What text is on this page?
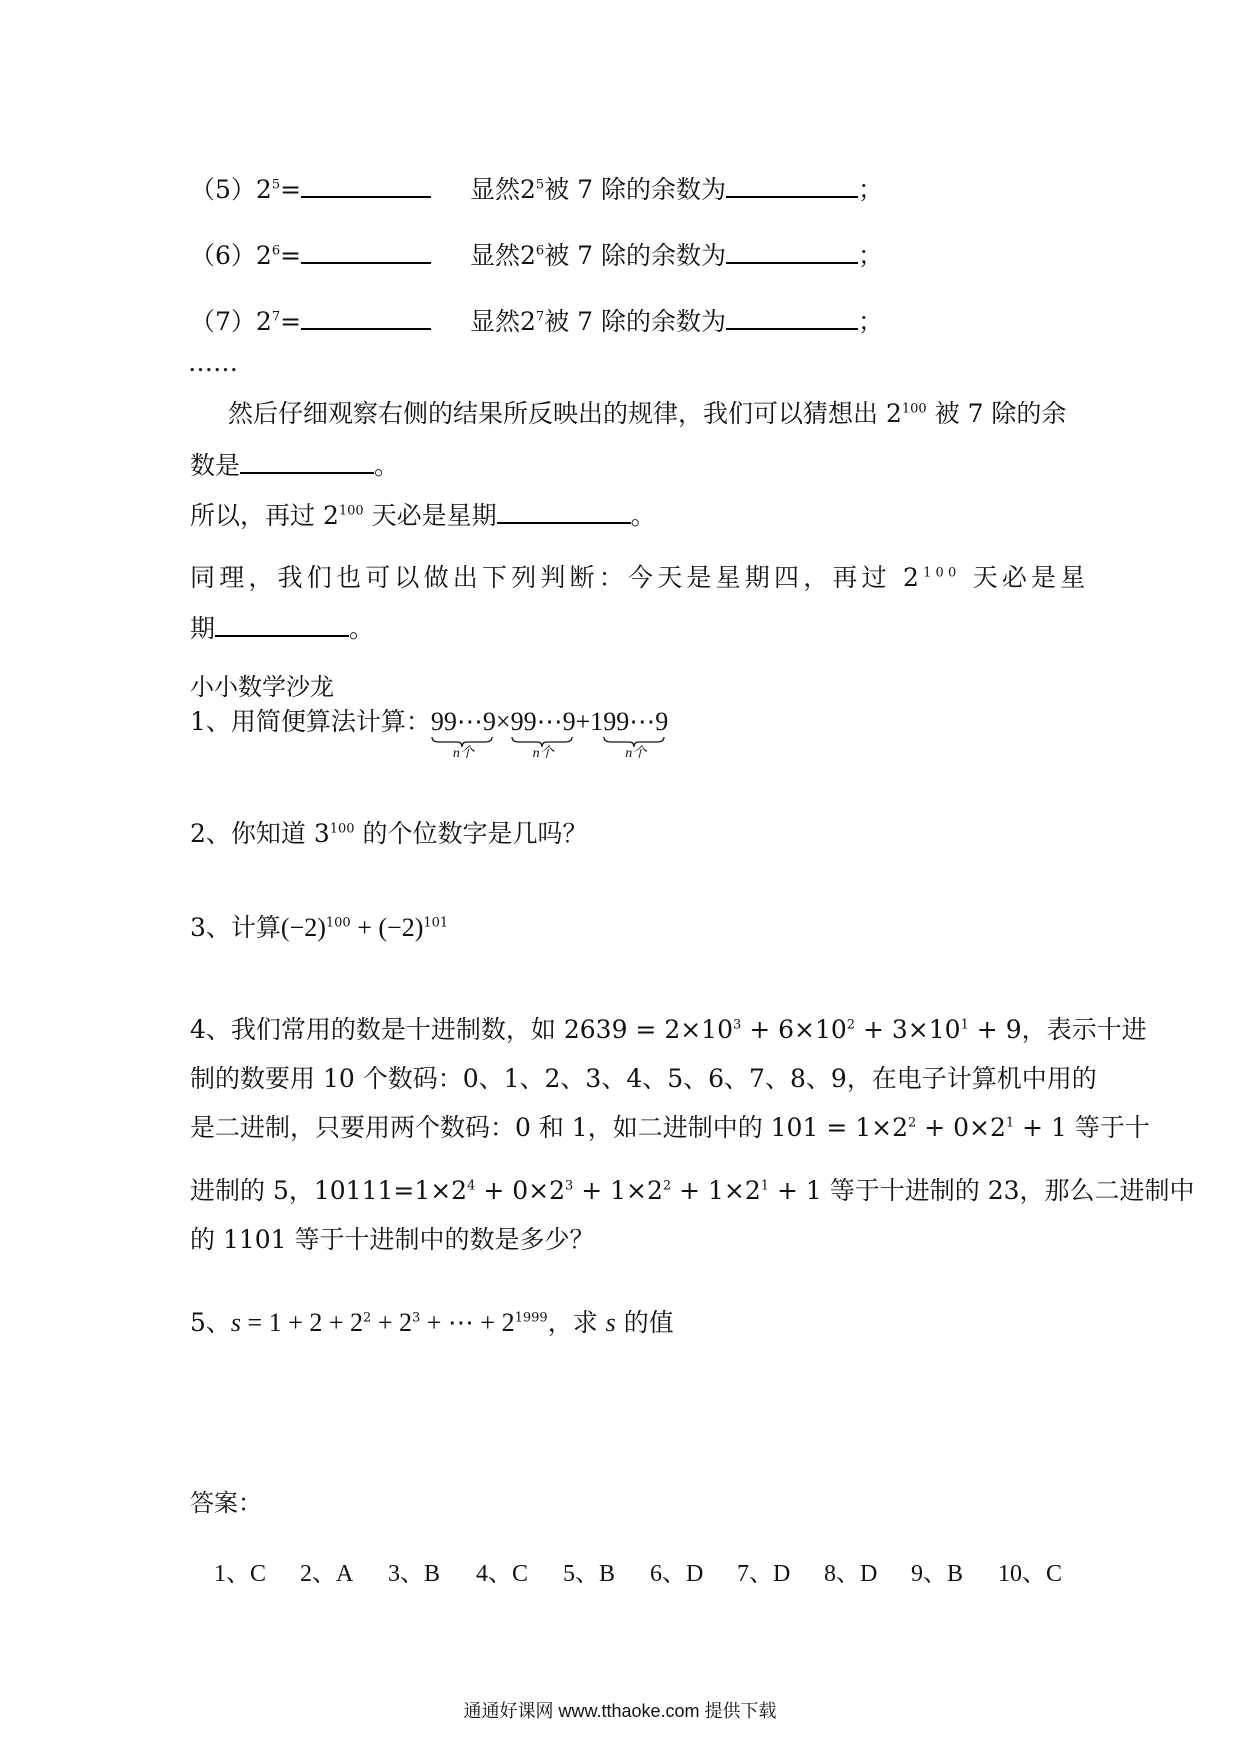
$(5)2^5=$	显然$2^5$被 7 除的余数为	；
$(6)2^6=$	显然$2^6$被 7 除的余数为	；
$(7)2^7=$	显然$2^7$被 7 除的余数为	；
……
然后仔细观察右侧的结果所反映出的规律，我们可以猜想出 $2^{100}$ 被 7 除的余
数是	。
所以，再过 $2^{100}$ 天必是星期	。
同理，我们也可以做出下列判断：今天是星期四，再过 $2^{100}$ 天必是星
期	。
小小数学沙龙
1、用简便算法计算：99⋯9
n个
×99⋯9
n个
+199⋯9
n个
2、你知道 $3^{100}$ 的个位数字是几吗？
3、计算$(-2)^{100} + (-2)^{101}$
4、我们常用的数是十进制数，如 $2639 = 2\times 10^3 + 6\times 10^2 + 3\times 10^1 + 9$，表示十进
制的数要用 10 个数码：0、1、2、3、4、5、6、7、8、9，在电子计算机中用的
是二进制，只要用两个数码：0 和 1，如二进制中的 $101 = 1\times 2^2 + 0\times 2^1 + 1$ 等于十
进制的 5，$10111=1\times 2^4 + 0\times 2^3 + 1\times 2^2 + 1\times 2^1 + 1$ 等于十进制的 23，那么二进制中
的 1101 等于十进制中的数是多少？
5、$s = 1 + 2 + 2^2 + 2^3$ + ⋯ + $2^{1999}$，求 s 的值
答案：
1、C 2、A 3、B 4、C 5、B 6、D 7、D 8、D 9、B 10、C
通通好课网 www.tthaoke.com 提供下载
